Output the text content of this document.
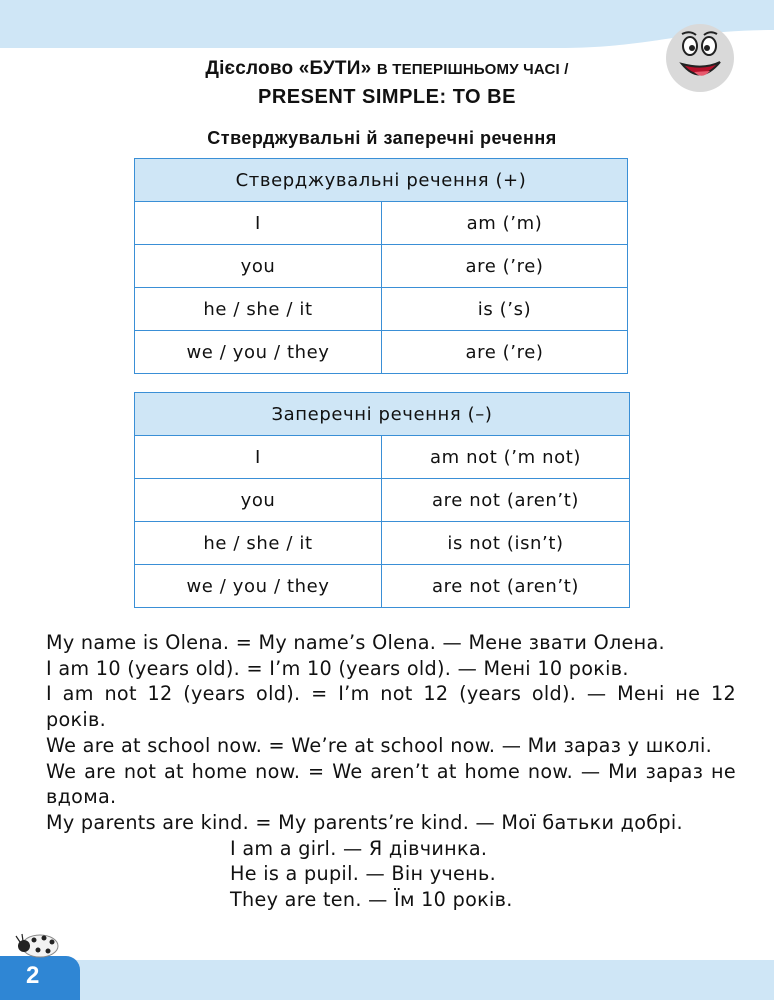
Дієслово «БУТИ» В ТЕПЕРІШНЬОМУ ЧАСІ /
PRESENT SIMPLE: TO BE
Стверджувальні й заперечні речення
Стверджувальні речення (+)	
I	am (’m)
you	are (’re)
he / she / it	is (’s)
we / you / they	are (’re)
Заперечні речення (–)	
I	am not (’m not)
you	are not (aren’t)
he / she / it	is not (isn’t)
we / you / they	are not (aren’t)

My name is Olena. = My name’s Olena. — Мене звати Олена.

I am 10 (years old). = I’m 10 (years old). — Мені 10 років.

I am not 12 (years old). = I’m not 12 (years old). — Мені не 12 років.

We are at school now. = We’re at school now. — Ми зараз у школі.

We are not at home now. = We aren’t at home now. — Ми зараз не вдома.

My parents are kind. = My parents’re kind. — Мої батьки добрі.

I am a girl. — Я дівчинка.

He is a pupil. — Він учень.

They are ten. — Їм 10 років.

2
